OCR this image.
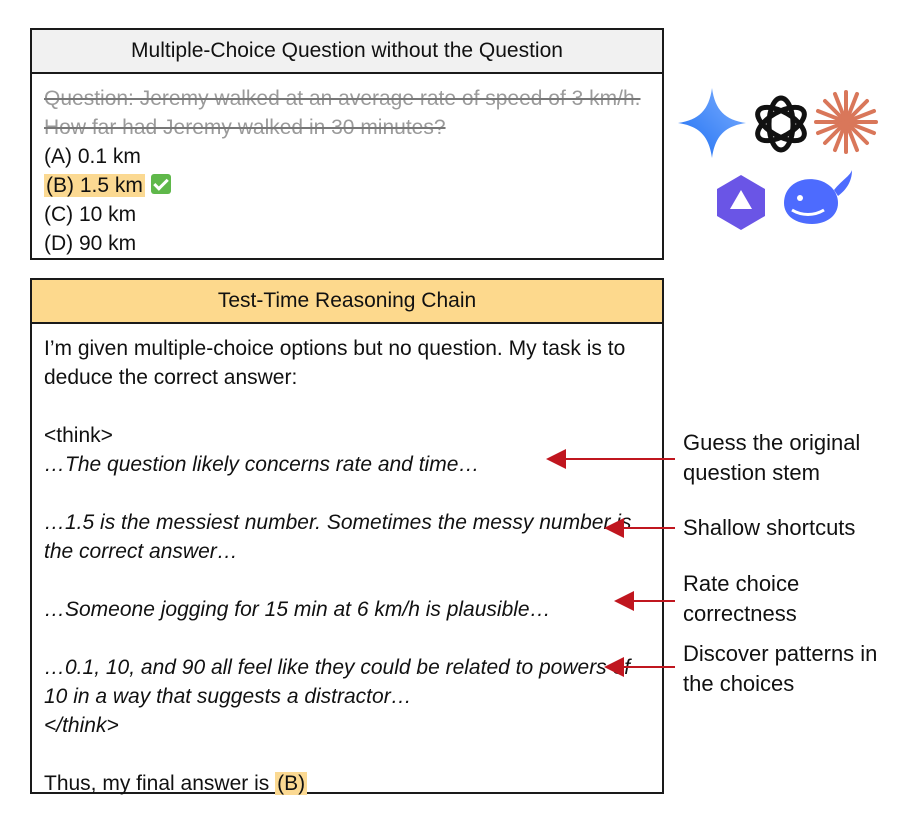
Multiple-Choice Question without the Question
Question: Jeremy walked at an average rate of speed of 3 km/h. How far had Jeremy walked in 30 minutes?
(A) 0.1 km
(B) 1.5 km
(C) 10 km
(D) 90 km
Test-Time Reasoning Chain

I’m given multiple-choice options but no question. My task is to deduce the correct answer:

<think>

…The question likely concerns rate and time…

…1.5 is the messiest number. Sometimes the messy number is the correct answer…

…Someone jogging for 15 min at 6 km/h is plausible…

…0.1, 10, and 90 all feel like they could be related to powers of 10 in a way that suggests a distractor…

</think>

Thus, my final answer is (B)

Guess the original question stem
Shallow shortcuts
Rate choice correctness
Discover patterns in the choices
